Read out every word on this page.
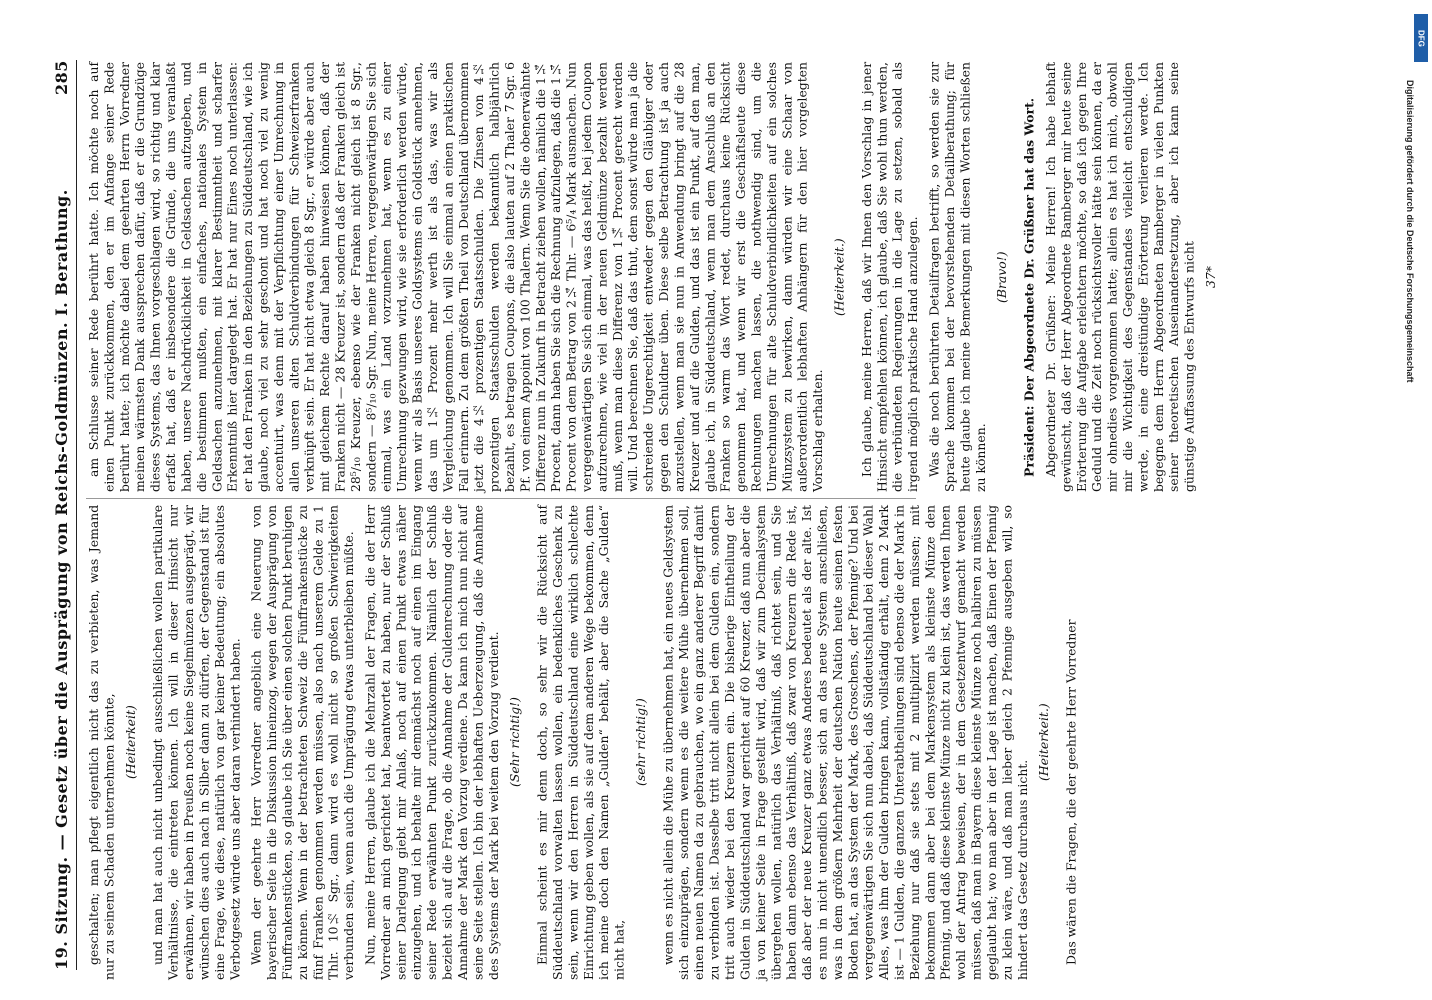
19. Sitzung. — Gesetz über die Ausprägung von Reichs-Goldmünzen. I. Berathung.
285 am Schlusse seiner Rede berührt hatte. Ich möchte noch auf einen Punkt zurückkommen, den er im Anfange seiner Rede berührt hatte; ich möchte dabei dem geehrten Herrn Vorredner meinen wärmsten Dank aussprechen dafür, daß er die Grundzüge dieses Systems, das Ihnen vorgeschlagen wird, so richtig und klar erfaßt hat, daß er insbesondere die Gründe, die uns veranlaßt haben, unsere Nachdrücklichkeit in Geldsachen aufzugeben, und die bestimmen mußten, ein einfaches, nationales System in Geldsachen anzunehmen, mit klarer Bestimmtheit und scharfer Erkenntniß hier dargelegt hat. Er hat nur Eines noch unterlassen: er hat den Franken in den Beziehungen zu Süddeutschland, wie ich glaube, noch viel zu sehr geschont und hat noch viel zu wenig accentuirt, was denn mit der Verpflichtung einer Umrechnung in allen unseren alten Schuldverbindungen für Schweizerfranken verknüpft sein. Er hat nicht etwa gleich 8 Sgr., er würde aber auch mit gleichem Rechte darauf haben hinweisen können, daß der Franken nicht — 28 Kreuzer ist, sondern daß der Franken gleich ist 28⁵/₁₀ Kreuzer, ebenso wie der Franken nicht gleich ist 8 Sgr., sondern — 8⁵/₁₀ Sgr. Nun, meine Herren, vergegenwärtigen Sie sich einmal, was ein Land vorzunehmen hat, wenn es zu einer Umrechnung gezwungen wird, wie sie erforderlich werden würde, wenn wir als Basis unseres Goldsystems ein Goldstück annehmen, das um 1½ Prozent mehr werth ist als das, was wir als Vergleichung genommen. Ich will Sie einmal an einen praktischen Fall erinnern. Zu dem größten Theil von Deutschland übernommen jetzt die 4½ prozentigen Staatsschulden. Die Zinsen von 4½ prozentigen Staatsschulden werden bekanntlich halbjährlich bezahlt, es betragen Coupons, die also lauten auf 2 Thaler 7 Sgr. 6 Pf. von einem Appoint von 100 Thalern. Wenn Sie die obenerwähnte Differenz nun in Zukunft in Betracht ziehen wollen, nämlich die 1¼ Procent, dann haben Sie sich die Rechnung aufzulegen, daß die 1¼ Procent von dem Betrag von 2¼ Thlr. — 6⁵/₄ Mark ausmachen. Nun vergegenwärtigen Sie sich einmal, was das heißt, bei jedem Coupon aufzurechnen, wie viel in der neuen Geldmünze bezahlt werden muß, wenn man diese Differenz von 1¼ Procent gerecht werden will. Und berechnen Sie, daß das thut, dem sonst würde man ja die schreiende Ungerechtigkeit entweder gegen den Gläubiger oder gegen den Schuldner üben. Diese selbe Betrachtung ist ja auch anzustellen, wenn man sie nun in Anwendung bringt auf die 28 Kreuzer und auf die Gulden, und das ist ein Punkt, auf den man, glaube ich, in Süddeutschland, wenn man dem Anschluß an den Franken so warm das Wort redet, durchaus keine Rücksicht genommen hat, und wenn wir erst die Geschäftsleute diese Rechnungen machen lassen, die nothwendig sind, um die Umrechnungen für alte Schuldverbindlichkeiten auf ein solches Münzsystem zu bewirken, dann würden wir eine Schaar von außerordentlich lebhaften Anhängern für den hier vorgelegten Vorschlag erhalten.

(Heiterkeit.) Ich glaube, meine Herren, daß wir Ihnen den Vorschlag in jener Hinsicht empfehlen können, ich glaube, daß Sie wohl thun werden, die verbündeten Regierungen in die Lage zu setzen, sobald als irgend möglich praktische Hand anzulegen. Was die noch berührten Detailfragen betrifft, so werden sie zur Sprache kommen bei der bevorstehenden Detailberathung; für heute glaube ich meine Bemerkungen mit diesen Worten schließen zu können.

(Bravo!) Präsident: Der Abgeordnete Dr. Grüßner hat das Wort. Abgeordneter Dr. Grüßner: Meine Herren! Ich habe lebhaft gewünscht, daß der Herr Abgeordnete Bamberger mir heute seine Erörterung die Aufgabe erleichtern möchte, so daß ich gegen Ihre Geduld und die Zeit noch rücksichtsvoller hätte sein können, da er mir ohnedies vorgenommen hatte; allein es hat ich mich, obwohl mir die Wichtigkeit des Gegenstandes vielleicht entschuldigen werde, in eine dreistündige Erörterung verlieren werde. Ich begegne dem Herrn Abgeordneten Bamberger in vielen Punkten seiner theoretischen Auseinandersetzung, aber ich kann seine günstige Auffassung des Entwurfs nicht 37*

geschalten; man pflegt eigentlich nicht das zu verbieten, was Jemand nur zu seinem Schaden unternehmen könnte, (Heiterkeit) und man hat auch nicht unbedingt ausschließlichen wollen partikulare Verhältnisse, die eintreten können. Ich will in dieser Hinsicht nur erwähnen, wir haben in Preußen noch keine Siegelmünzen ausgeprägt, wir wünschen dies auch nach in Silber dann zu dürfen, der Gegenstand ist für eine Frage, wie diese, natürlich von gar keiner Bedeutung; ein absolutes Verbotgesetz würde uns aber daran verhindert haben. Wenn der geehrte Herr Vorredner angeblich eine Neuerung von bayerischer Seite in die Diskussion hineinzog, wegen der Ausprägung von Fünffrankenstücken, so glaube ich Sie über einen solchen Punkt beruhigen zu können. Wenn in der betrachteten Schweiz die Fünffrankenstücke zu fünf Franken genommen werden müssen, also nach unserem Gelde zu 1 Thlr. 10½ Sgr., dann wird es wohl nicht so großen Schwierigkeiten verbunden sein, wenn auch die Umprägung etwas unterbleiben müßte. Nun, meine Herren, glaube ich die Mehrzahl der Fragen, die der Herr Vorredner an mich gerichtet hat, beantwortet zu haben, nur der Schluß seiner Darlegung giebt mir Anlaß, noch auf einen Punkt etwas näher einzugehen, und ich behalte mir demnächst noch auf einen im Eingang seiner Rede erwähnten Punkt zurückzukommen. Nämlich der Schluß bezieht sich auf die Frage, ob die Annahme der Guldenrechnung oder die Annahme der Mark den Vorzug verdiene. Da kann ich mich nun nicht auf seine Seite stellen. Ich bin der lebhaften Ueberzeugung, daß die Annahme des Systems der Mark bei weitem den Vorzug verdient. (Sehr richtig!) Einmal scheint es mir denn doch, so sehr wir die Rücksicht auf Süddeutschland vorwalten lassen wollen, ein bedenkliches Geschenk zu sein, wenn wir den Herren in Süddeutschland eine wirklich schlechte Einrichtung geben wollen, als sie auf dem anderen Wege bekommen, denn ich meine doch den Namen „Gulden“ behält, aber die Sache „Gulden“ nicht hat,

(sehr richtig!) wenn es nicht allein die Mühe zu übernehmen hat, ein neues Geldsystem sich einzuprägen, sondern wenn es die weitere Mühe übernehmen soll, einen neuen Namen da zu gebrauchen, wo ein ganz anderer Begriff damit zu verbinden ist. Dasselbe tritt nicht allein bei dem Gulden ein, sondern tritt auch wieder bei den Kreuzern ein. Die bisherige Eintheilung der Gulden in Süddeutschland war gerichtet auf 60 Kreuzer, daß nun aber die ja von keiner Seite in Frage gestellt wird, daß wir zum Decimalsystem übergehen wollen, natürlich das Verhältniß, daß richtet sein, und Sie haben dann ebenso das Verhältniß, daß zwar von Kreuzern die Rede ist, daß aber der neue Kreuzer ganz etwas Anderes bedeutet als der alte. Ist es nun in nicht unendlich besser, sich an das neue System anschließen, was in dem größern Mehrheit der deutschen Nation heute seinen festen Boden hat, an das System der Mark, des Groschens, der Pfennige? Und bei vergegenwärtigen Sie sich nun dabei, daß Süddeutschland bei dieser Wahl Alles, was ihm der Gulden bringen kann, vollständig erhält, denn 2 Mark ist — 1 Gulden, die ganzen Unterabtheilungen sind ebenso die der Mark in Beziehung nur daß sie stets mit 2 multiplizirt werden müssen; mit bekommen dann aber bei dem Markensystem als kleinste Münze den Pfennig, und daß diese kleinste Münze nicht zu klein ist, das werden Ihnen wohl der Antrag beweisen, der in dem Gesetzentwurf gemacht werden müssen, daß man in Bayern diese kleinste Münze noch halbiren zu müssen geglaubt hat; wo man aber in der Lage ist machen, daß Einen der Pfennig zu klein wäre, und daß man lieber gleich 2 Pfennige ausgeben will, so hindert das Gesetz durchaus nicht.

(Heiterkeit.) Das wären die Fragen, die der geehrte Herr Vorredner

DFG
Digitalisierung gefördert durch die Deutsche Forschungsgemeinschaft
